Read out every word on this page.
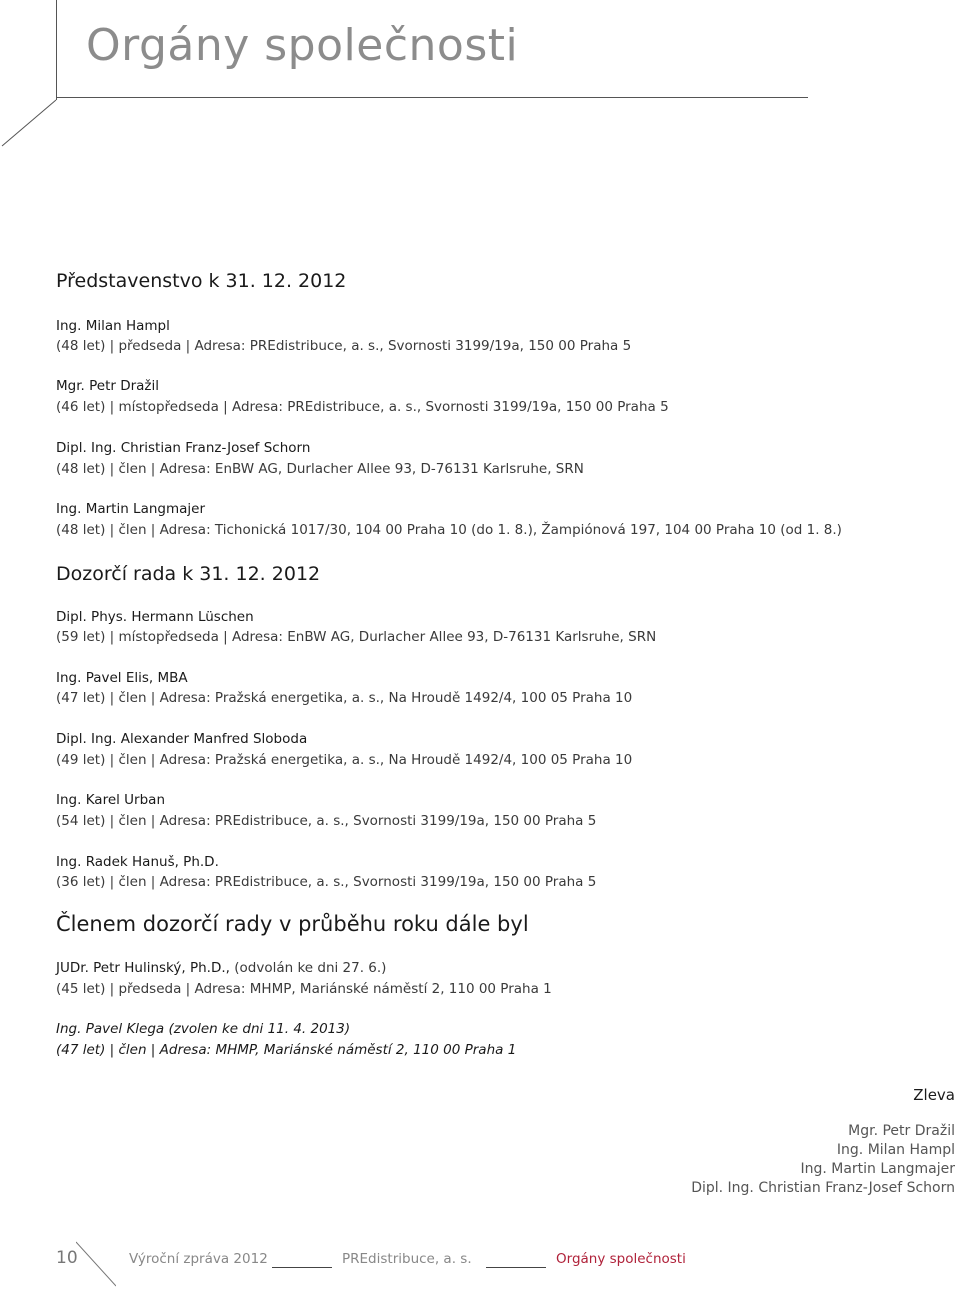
Orgány společnosti
Představenstvo k 31. 12. 2012
Ing. Milan Hampl
(48 let) | předseda | Adresa: PREdistribuce, a. s., Svornosti 3199/19a, 150 00 Praha 5
Mgr. Petr Dražil
(46 let) | místopředseda | Adresa: PREdistribuce, a. s., Svornosti 3199/19a, 150 00 Praha 5
Dipl. Ing. Christian Franz-Josef Schorn
(48 let) | člen | Adresa: EnBW AG, Durlacher Allee 93, D-76131 Karlsruhe, SRN
Ing. Martin Langmajer
(48 let) | člen | Adresa: Tichonická 1017/30, 104 00 Praha 10 (do 1. 8.), Žampiónová 197, 104 00 Praha 10 (od 1. 8.)
Dozorčí rada k 31. 12. 2012
Dipl. Phys. Hermann Lüschen
(59 let) | místopředseda | Adresa: EnBW AG, Durlacher Allee 93, D-76131 Karlsruhe, SRN
Ing. Pavel Elis, MBA
(47 let) | člen | Adresa: Pražská energetika, a. s., Na Hroudě 1492/4, 100 05 Praha 10
Dipl. Ing. Alexander Manfred Sloboda
(49 let) | člen | Adresa: Pražská energetika, a. s., Na Hroudě 1492/4, 100 05 Praha 10
Ing. Karel Urban
(54 let) | člen | Adresa: PREdistribuce, a. s., Svornosti 3199/19a, 150 00 Praha 5
Ing. Radek Hanuš, Ph.D.
(36 let) | člen | Adresa: PREdistribuce, a. s., Svornosti 3199/19a, 150 00 Praha 5
Členem dozorčí rady v průběhu roku dále byl
JUDr. Petr Hulinský, Ph.D., (odvolán ke dni 27. 6.)
(45 let) | předseda | Adresa: MHMP, Mariánské náměstí 2, 110 00 Praha 1
Ing. Pavel Klega (zvolen ke dni 11. 4. 2013)
(47 let) | člen | Adresa: MHMP, Mariánské náměstí 2, 110 00 Praha 1
Zleva
Mgr. Petr Dražil
Ing. Milan Hampl
Ing. Martin Langmajer
Dipl. Ing. Christian Franz-Josef Schorn
10	Výroční zpráva 2012	PREdistribuce, a. s.	Orgány společnosti
